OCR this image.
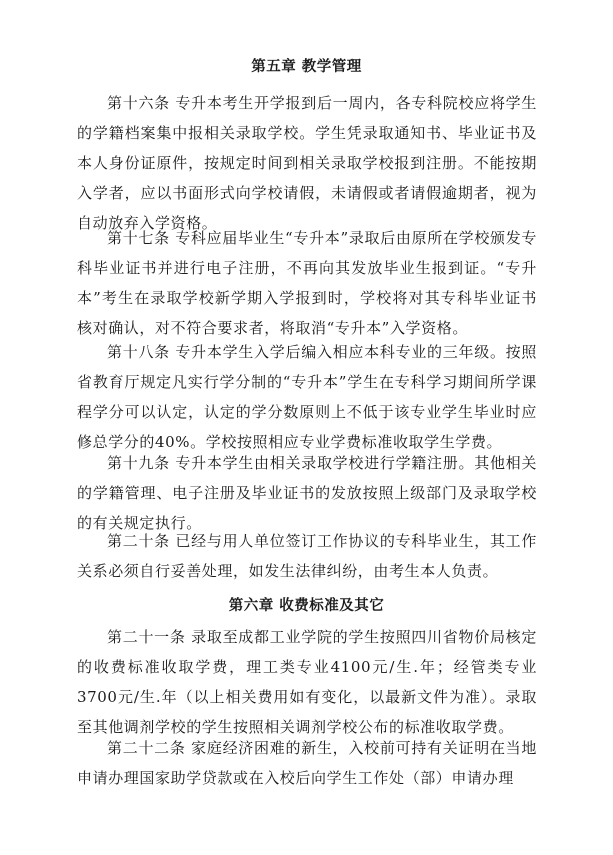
第五章 教学管理

第十六条 专升本考生开学报到后一周内，各专科院校应将学生的学籍档案集中报相关录取学校。学生凭录取通知书、毕业证书及本人身份证原件，按规定时间到相关录取学校报到注册。不能按期入学者，应以书面形式向学校请假，未请假或者请假逾期者，视为自动放弃入学资格。

第十七条 专科应届毕业生“专升本”录取后由原所在学校颁发专科毕业证书并进行电子注册，不再向其发放毕业生报到证。“专升本”考生在录取学校新学期入学报到时，学校将对其专科毕业证书核对确认，对不符合要求者，将取消“专升本”入学资格。

第十八条 专升本学生入学后编入相应本科专业的三年级。按照省教育厅规定凡实行学分制的“专升本”学生在专科学习期间所学课程学分可以认定，认定的学分数原则上不低于该专业学生毕业时应修总学分的40%。学校按照相应专业学费标准收取学生学费。

第十九条 专升本学生由相关录取学校进行学籍注册。其他相关的学籍管理、电子注册及毕业证书的发放按照上级部门及录取学校的有关规定执行。

第二十条 已经与用人单位签订工作协议的专科毕业生，其工作关系必须自行妥善处理，如发生法律纠纷，由考生本人负责。

第六章 收费标准及其它

第二十一条 录取至成都工业学院的学生按照四川省物价局核定的收费标准收取学费，理工类专业4100元/生.年；经管类专业3700元/生.年（以上相关费用如有变化，以最新文件为准）。录取至其他调剂学校的学生按照相关调剂学校公布的标准收取学费。

第二十二条 家庭经济困难的新生，入校前可持有关证明在当地申请办理国家助学贷款或在入校后向学生工作处（部）申请办理
